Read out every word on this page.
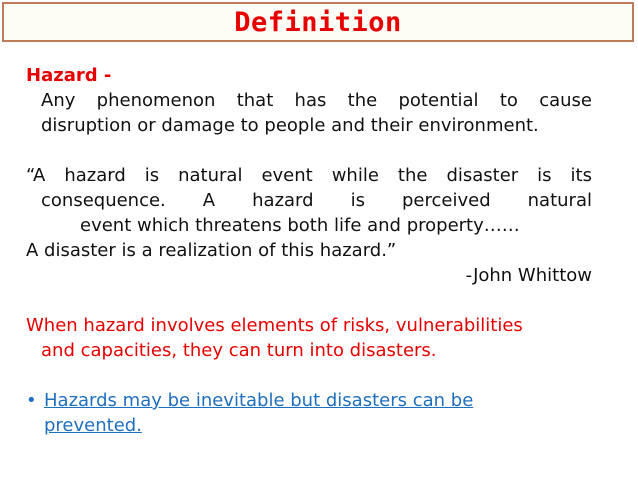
Definition
Hazard -
Any phenomenon that has the potential to cause
disruption or damage to people and their environment.
“A hazard is natural event while the disaster is its
consequence. A hazard is perceived natural
event which threatens both life and property……
A disaster is a realization of this hazard.”
-John Whittow
When hazard involves elements of risks, vulnerabilities
and capacities, they can turn into disasters.
• Hazards may be inevitable but disasters can be
prevented.
